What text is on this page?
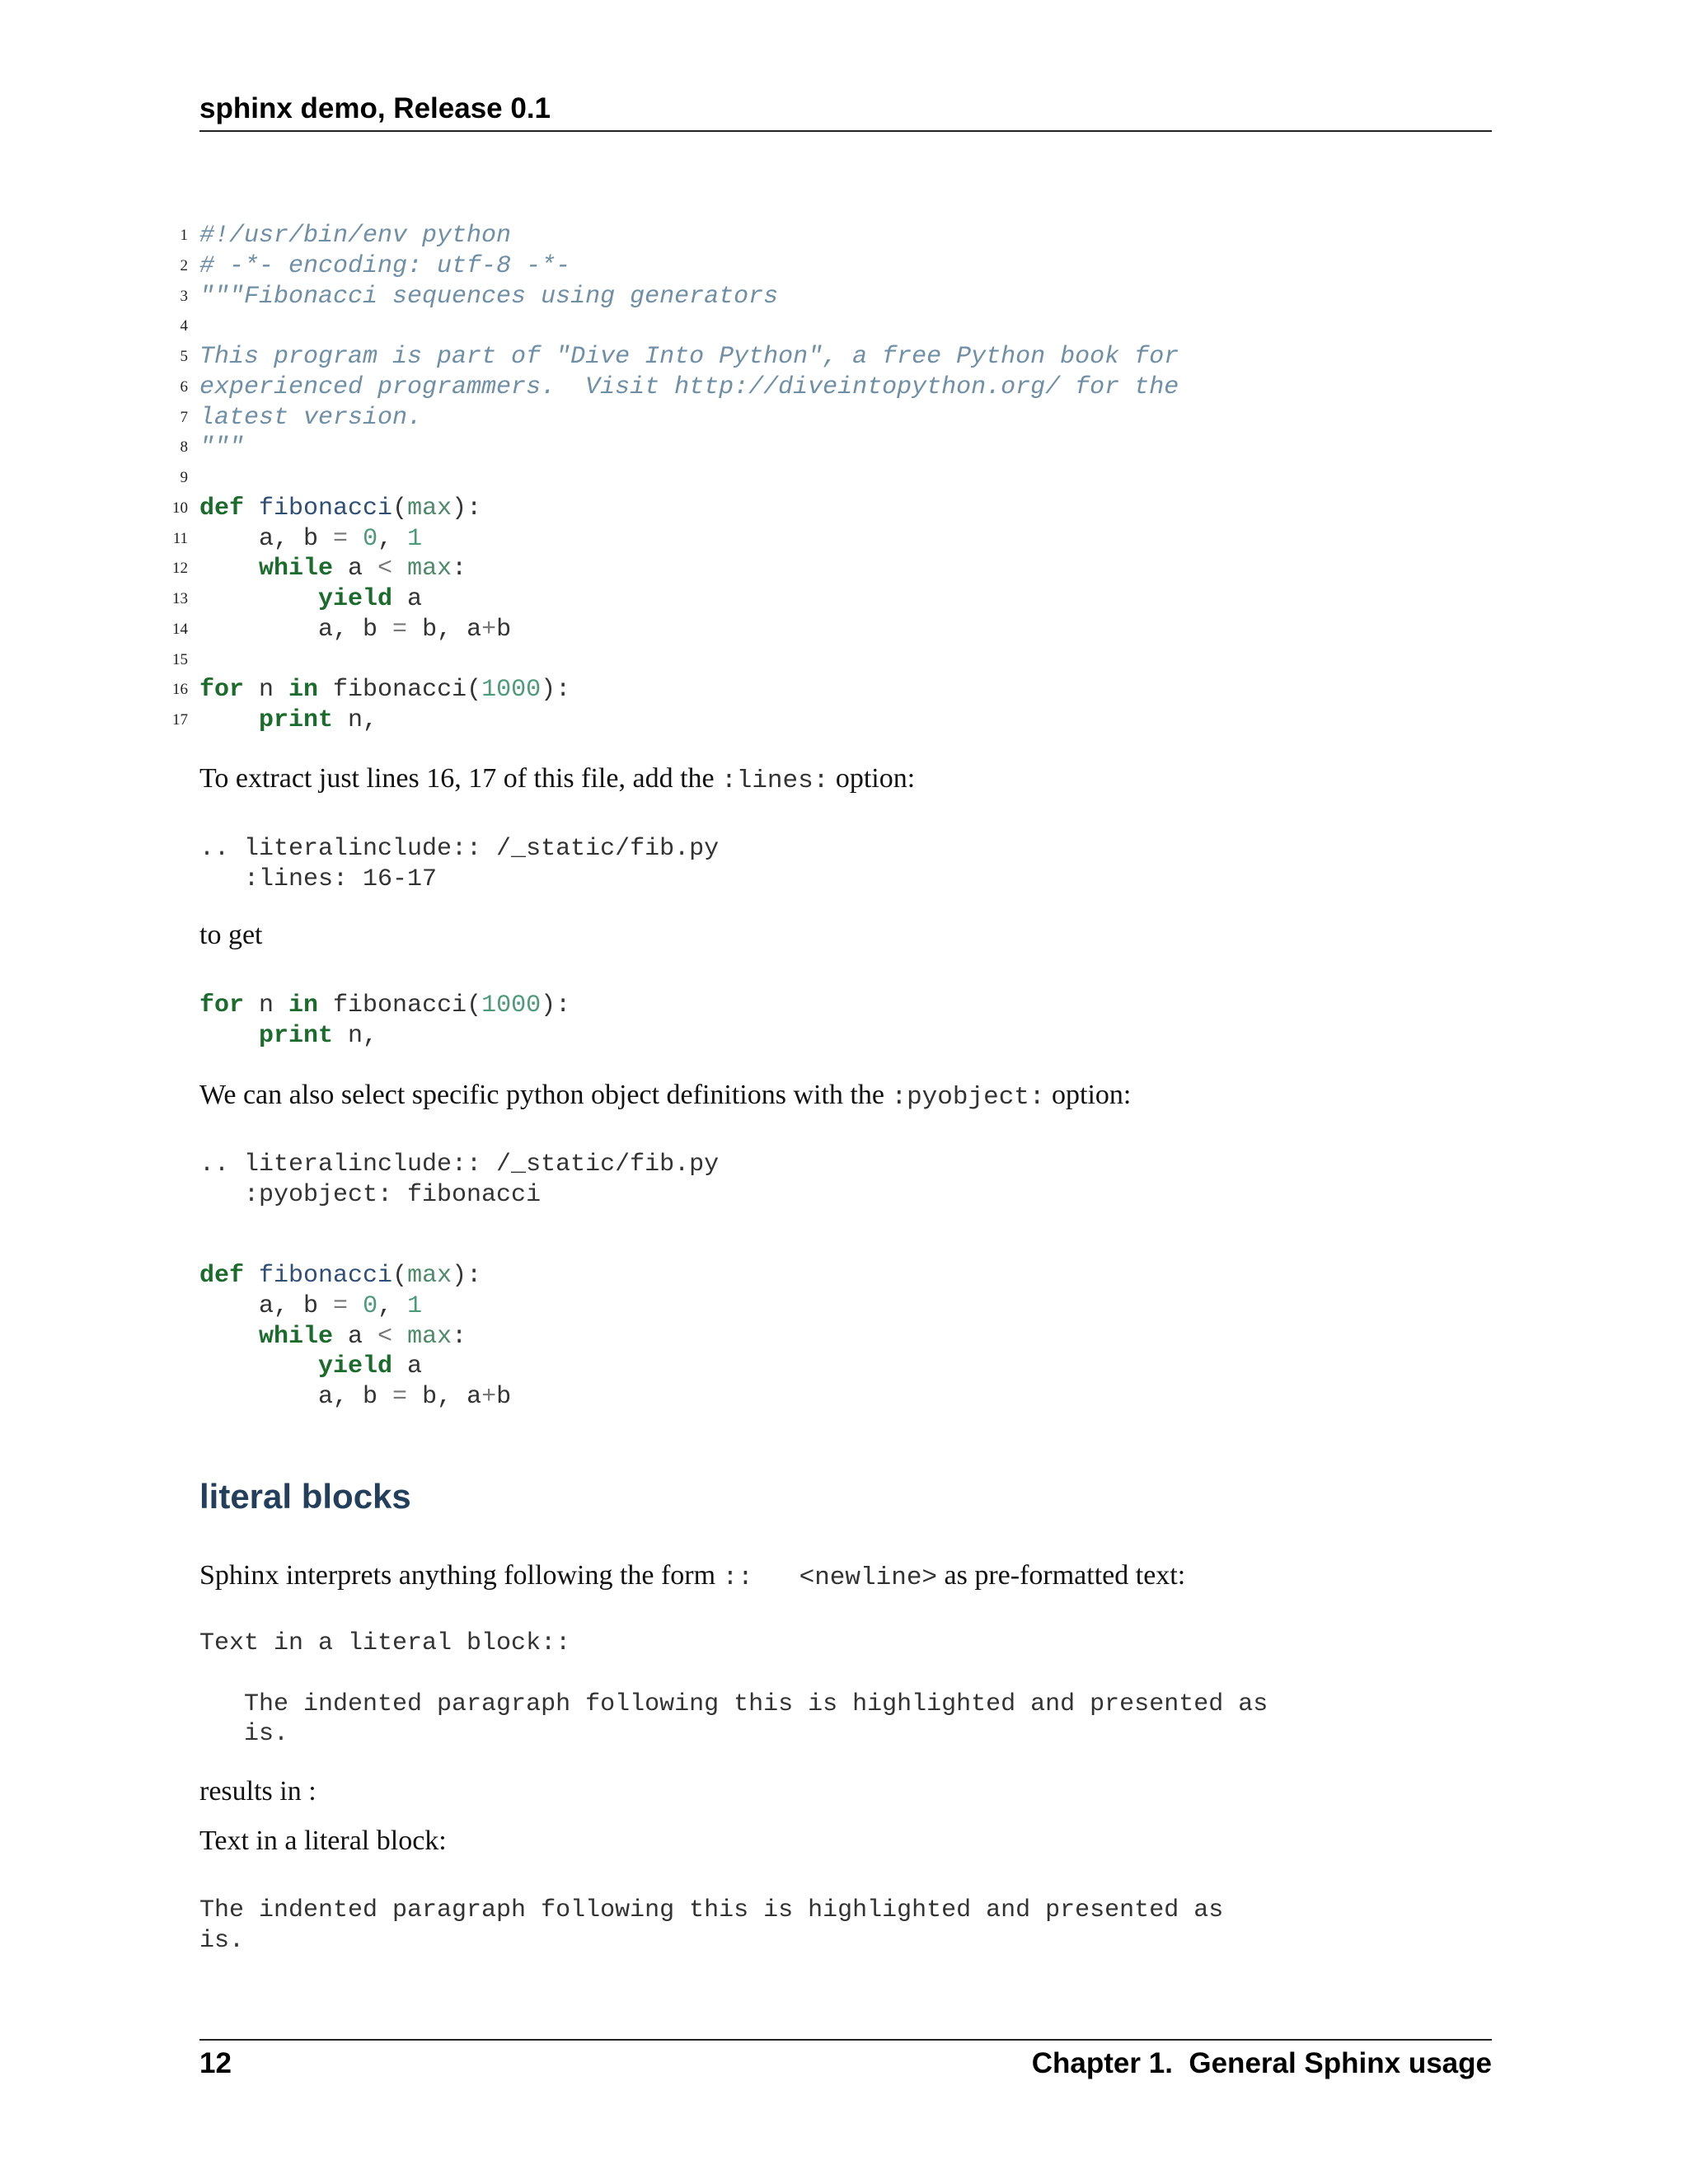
sphinx demo, Release 0.1
1 #!/usr/bin/env python
2 # -*- encoding: utf-8 -*-
3 """Fibonacci sequences using generators
4
5 This program is part of "Dive Into Python", a free Python book for
6 experienced programmers.  Visit http://diveintopython.org/ for the
7 latest version.
8 """
9
10 def fibonacci(max):
11 a, b = 0, 1
12	while a < max:
13	yield a
14 a, b = b, a+b
15
16 for n in fibonacci(1000):
17	print n,
To extract just lines 16, 17 of this file, add the :lines: option:
.. literalinclude:: /_static/fib.py
:lines: 16-17
to get
for n in fibonacci(1000):
print n,
We can also select specific python object definitions with the :pyobject: option:
.. literalinclude:: /_static/fib.py
:pyobject: fibonacci
def fibonacci(max):
a, b = 0, 1
while a < max:
yield a
a, b = b, a+b
literal blocks
Sphinx interprets anything following the form ::   <newline> as pre-formatted text:
Text in a literal block::
The indented paragraph following this is highlighted and presented as
is.
results in :
Text in a literal block:
The indented paragraph following this is highlighted and presented as
is.
12	Chapter 1.  General Sphinx usage
